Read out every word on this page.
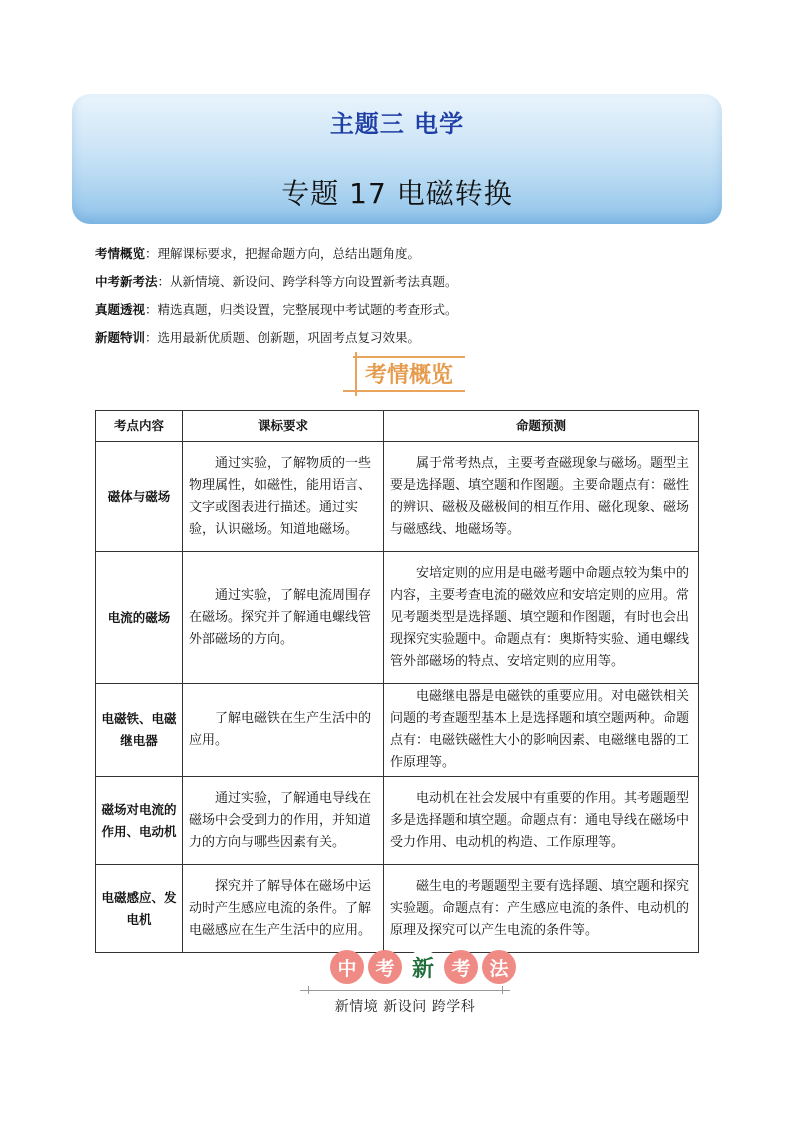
主题三 电学
专题 17 电磁转换
考情概览：理解课标要求，把握命题方向，总结出题角度。
中考新考法：从新情境、新设问、跨学科等方向设置新考法真题。
真题透视：精选真题，归类设置，完整展现中考试题的考查形式。
新题特训：选用最新优质题、创新题，巩固考点复习效果。
考情概览
考点内容	课标要求	命题预测
磁体与磁场	通过实验，了解物质的一些物理属性，如磁性，能用语言、文字或图表进行描述。通过实验，认识磁场。知道地磁场。	属于常考热点，主要考查磁现象与磁场。题型主要是选择题、填空题和作图题。主要命题点有：磁性的辨识、磁极及磁极间的相互作用、磁化现象、磁场与磁感线、地磁场等。
电流的磁场	通过实验，了解电流周围存在磁场。探究并了解通电螺线管外部磁场的方向。	安培定则的应用是电磁考题中命题点较为集中的内容，主要考查电流的磁效应和安培定则的应用。常见考题类型是选择题、填空题和作图题，有时也会出现探究实验题中。命题点有：奥斯特实验、通电螺线管外部磁场的特点、安培定则的应用等。
电磁铁、电磁继电器	了解电磁铁在生产生活中的应用。	电磁继电器是电磁铁的重要应用。对电磁铁相关问题的考查题型基本上是选择题和填空题两种。命题点有：电磁铁磁性大小的影响因素、电磁继电器的工作原理等。
磁场对电流的作用、电动机	通过实验，了解通电导线在磁场中会受到力的作用，并知道力的方向与哪些因素有关。	电动机在社会发展中有重要的作用。其考题题型多是选择题和填空题。命题点有：通电导线在磁场中受力作用、电动机的构造、工作原理等。
电磁感应、发电机	探究并了解导体在磁场中运动时产生感应电流的条件。了解电磁感应在生产生活中的应用。	磁生电的考题题型主要有选择题、填空题和探究实验题。命题点有：产生感应电流的条件、电动机的原理及探究可以产生电流的条件等。
中 考 新 考 法
新情境 新设问 跨学科
